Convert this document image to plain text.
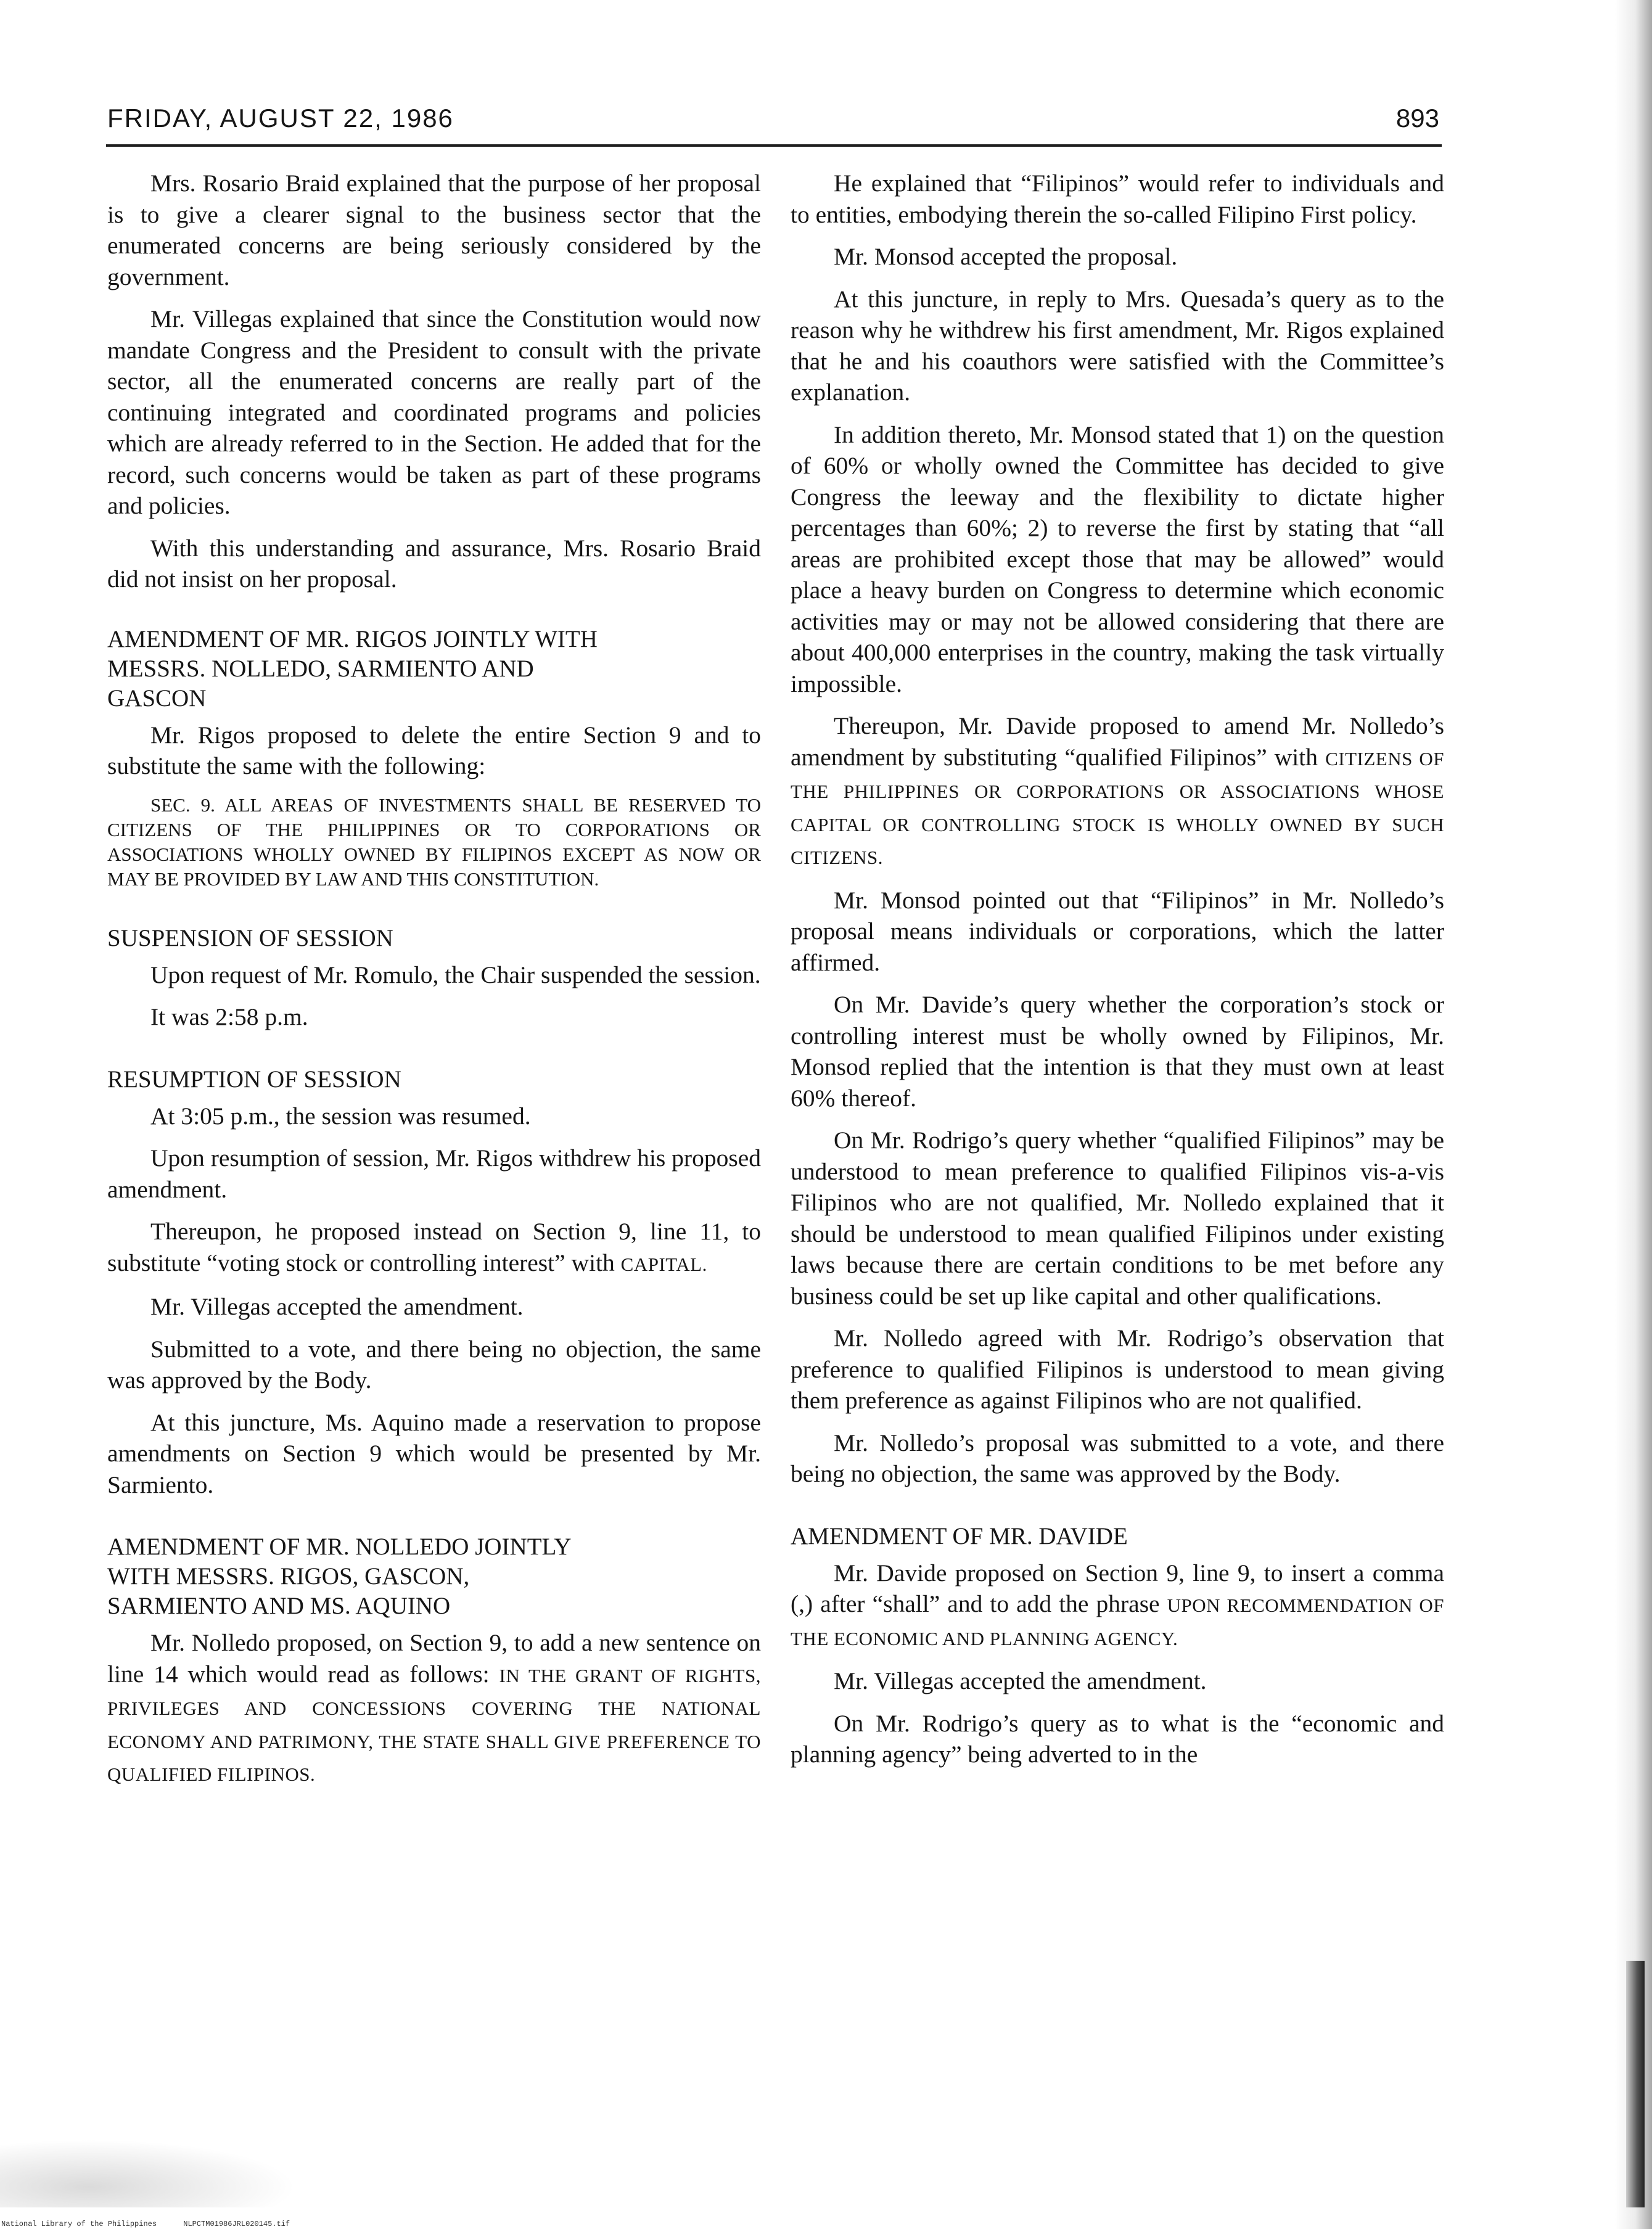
FRIDAY, AUGUST 22, 1986	893

Mrs. Rosario Braid explained that the purpose of her proposal is to give a clearer signal to the business sector that the enumerated concerns are being seriously considered by the government.

Mr. Villegas explained that since the Constitution would now mandate Congress and the President to consult with the private sector, all the enumerated concerns are really part of the continuing integrated and coordinated programs and policies which are already referred to in the Section. He added that for the record, such concerns would be taken as part of these programs and policies.

With this understanding and assurance, Mrs. Rosario Braid did not insist on her proposal.

AMENDMENT OF MR. RIGOS JOINTLY WITH MESSRS. NOLLEDO, SARMIENTO AND GASCON

Mr. Rigos proposed to delete the entire Section 9 and to substitute the same with the following:

SEC. 9. ALL AREAS OF INVESTMENTS SHALL BE RESERVED TO CITIZENS OF THE PHILIPPINES OR TO CORPORATIONS OR ASSOCIATIONS WHOLLY OWNED BY FILIPINOS EXCEPT AS NOW OR MAY BE PROVIDED BY LAW AND THIS CONSTITUTION.

SUSPENSION OF SESSION

Upon request of Mr. Romulo, the Chair suspended the session.

It was 2:58 p.m.

RESUMPTION OF SESSION

At 3:05 p.m., the session was resumed.

Upon resumption of session, Mr. Rigos withdrew his proposed amendment.

Thereupon, he proposed instead on Section 9, line 11, to substitute “voting stock or controlling interest” with CAPITAL.

Mr. Villegas accepted the amendment.

Submitted to a vote, and there being no objection, the same was approved by the Body.

At this juncture, Ms. Aquino made a reservation to propose amendments on Section 9 which would be presented by Mr. Sarmiento.

AMENDMENT OF MR. NOLLEDO JOINTLY WITH MESSRS. RIGOS, GASCON, SARMIENTO AND MS. AQUINO

Mr. Nolledo proposed, on Section 9, to add a new sentence on line 14 which would read as follows: IN THE GRANT OF RIGHTS, PRIVILEGES AND CONCESSIONS COVERING THE NATIONAL ECONOMY AND PATRIMONY, THE STATE SHALL GIVE PREFERENCE TO QUALIFIED FILIPINOS.

He explained that “Filipinos” would refer to individuals and to entities, embodying therein the so-called Filipino First policy.

Mr. Monsod accepted the proposal.

At this juncture, in reply to Mrs. Quesada’s query as to the reason why he withdrew his first amendment, Mr. Rigos explained that he and his coauthors were satisfied with the Committee’s explanation.

In addition thereto, Mr. Monsod stated that 1) on the question of 60% or wholly owned the Committee has decided to give Congress the leeway and the flexibility to dictate higher percentages than 60%; 2) to reverse the first by stating that “all areas are prohibited except those that may be allowed” would place a heavy burden on Congress to determine which economic activities may or may not be allowed considering that there are about 400,000 enterprises in the country, making the task virtually impossible.

Thereupon, Mr. Davide proposed to amend Mr. Nolledo’s amendment by substituting “qualified Filipinos” with CITIZENS OF THE PHILIPPINES OR CORPORATIONS OR ASSOCIATIONS WHOSE CAPITAL OR CONTROLLING STOCK IS WHOLLY OWNED BY SUCH CITIZENS.

Mr. Monsod pointed out that “Filipinos” in Mr. Nolledo’s proposal means individuals or corporations, which the latter affirmed.

On Mr. Davide’s query whether the corporation’s stock or controlling interest must be wholly owned by Filipinos, Mr. Monsod replied that the intention is that they must own at least 60% thereof.

On Mr. Rodrigo’s query whether “qualified Filipinos” may be understood to mean preference to qualified Filipinos vis-a-vis Filipinos who are not qualified, Mr. Nolledo explained that it should be understood to mean qualified Filipinos under existing laws because there are certain conditions to be met before any business could be set up like capital and other qualifications.

Mr. Nolledo agreed with Mr. Rodrigo’s observation that preference to qualified Filipinos is understood to mean giving them preference as against Filipinos who are not qualified.

Mr. Nolledo’s proposal was submitted to a vote, and there being no objection, the same was approved by the Body.

AMENDMENT OF MR. DAVIDE

Mr. Davide proposed on Section 9, line 9, to insert a comma (,) after “shall” and to add the phrase UPON RECOMMENDATION OF THE ECONOMIC AND PLANNING AGENCY.

Mr. Villegas accepted the amendment.

On Mr. Rodrigo’s query as to what is the “economic and planning agency” being adverted to in the

National Library of the Philippines	NLPCTM01986JRL020145.tif
